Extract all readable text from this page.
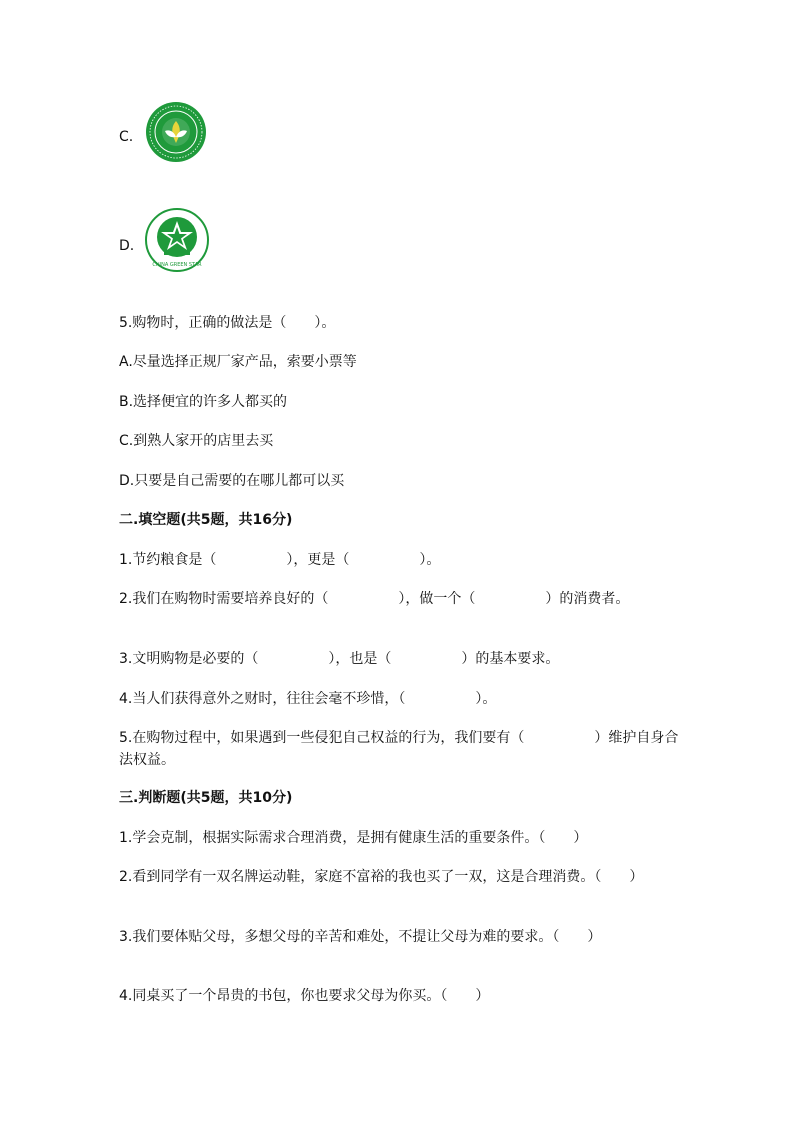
C.
D.
CHINA GREEN STAR
5.购物时，正确的做法是（　　）。
A.尽量选择正规厂家产品，索要小票等
B.选择便宜的许多人都买的
C.到熟人家开的店里去买
D.只要是自己需要的在哪儿都可以买
二.填空题(共5题，共16分)
1.节约粮食是（　　　　　），更是（　　　　　）。
2.我们在购物时需要培养良好的（　　　　　），做一个（　　　　　）的消费者。
3.文明购物是必要的（　　　　　），也是（　　　　　）的基本要求。
4.当人们获得意外之财时，往往会毫不珍惜，（　　　　　）。
5.在购物过程中，如果遇到一些侵犯自己权益的行为，我们要有（　　　　　）维护自身合法权益。
三.判断题(共5题，共10分)
1.学会克制，根据实际需求合理消费，是拥有健康生活的重要条件。（　　）
2.看到同学有一双名牌运动鞋，家庭不富裕的我也买了一双，这是合理消费。（　　）
3.我们要体贴父母，多想父母的辛苦和难处，不提让父母为难的要求。（　　）
4.同桌买了一个昂贵的书包，你也要求父母为你买。（　　）
